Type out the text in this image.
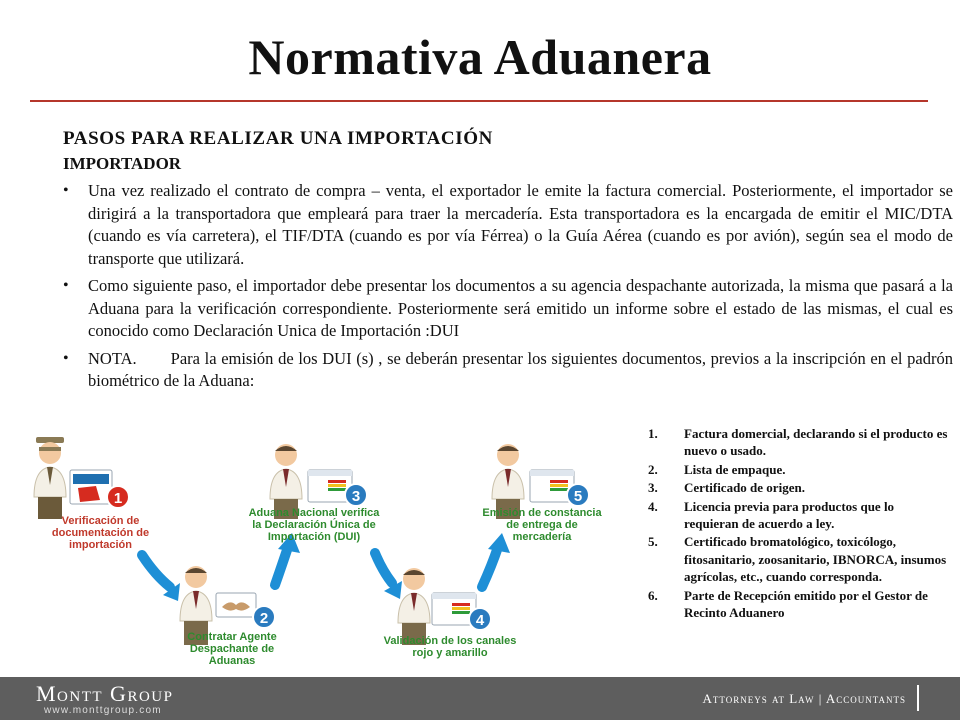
Normativa Aduanera
PASOS PARA REALIZAR UNA IMPORTACIÓN
IMPORTADOR
• Una vez realizado el contrato de compra – venta, el exportador le emite la factura comercial. Posteriormente, el importador se dirigirá a la transportadora que empleará para traer la mercadería. Esta transportadora es la encargada de emitir el MIC/DTA (cuando es vía carretera), el TIF/DTA (cuando es por vía Férrea) o la Guía Aérea (cuando es por avión), según sea el modo de transporte que utilizará.
• Como siguiente paso, el importador debe presentar los documentos a su agencia despachante autorizada, la misma que pasará a la Aduana para la verificación correspondiente. Posteriormente será emitido un informe sobre el estado de las mismas, el cual es conocido como Declaración Unica de Importación :DUI
• NOTA. Para la emisión de los DUI (s) , se deberán presentar los siguientes documentos, previos a la inscripción en el padrón biométrico de la Aduana:
1
2
3
4
5
Verificación de documentación de importación
Contratar Agente Despachante de Aduanas
Aduana Nacional verifica la Declaración Única de Importación (DUI)
Validación de los canales rojo y amarillo
Emisión de constancia de entrega de mercadería
1. Factura domercial, declarando si el producto es nuevo o usado.
2. Lista de empaque.
3. Certificado de origen.
4. Licencia previa para productos que lo requieran de acuerdo a ley.
5. Certificado bromatológico, toxicólogo, fitosanitario, zoosanitario, IBNORCA, insumos agrícolas, etc., cuando corresponda.
6. Parte de Recepción emitido por el Gestor de Recinto Aduanero
Montt Group
www.monttgroup.com
Attorneys at Law | Accountants
